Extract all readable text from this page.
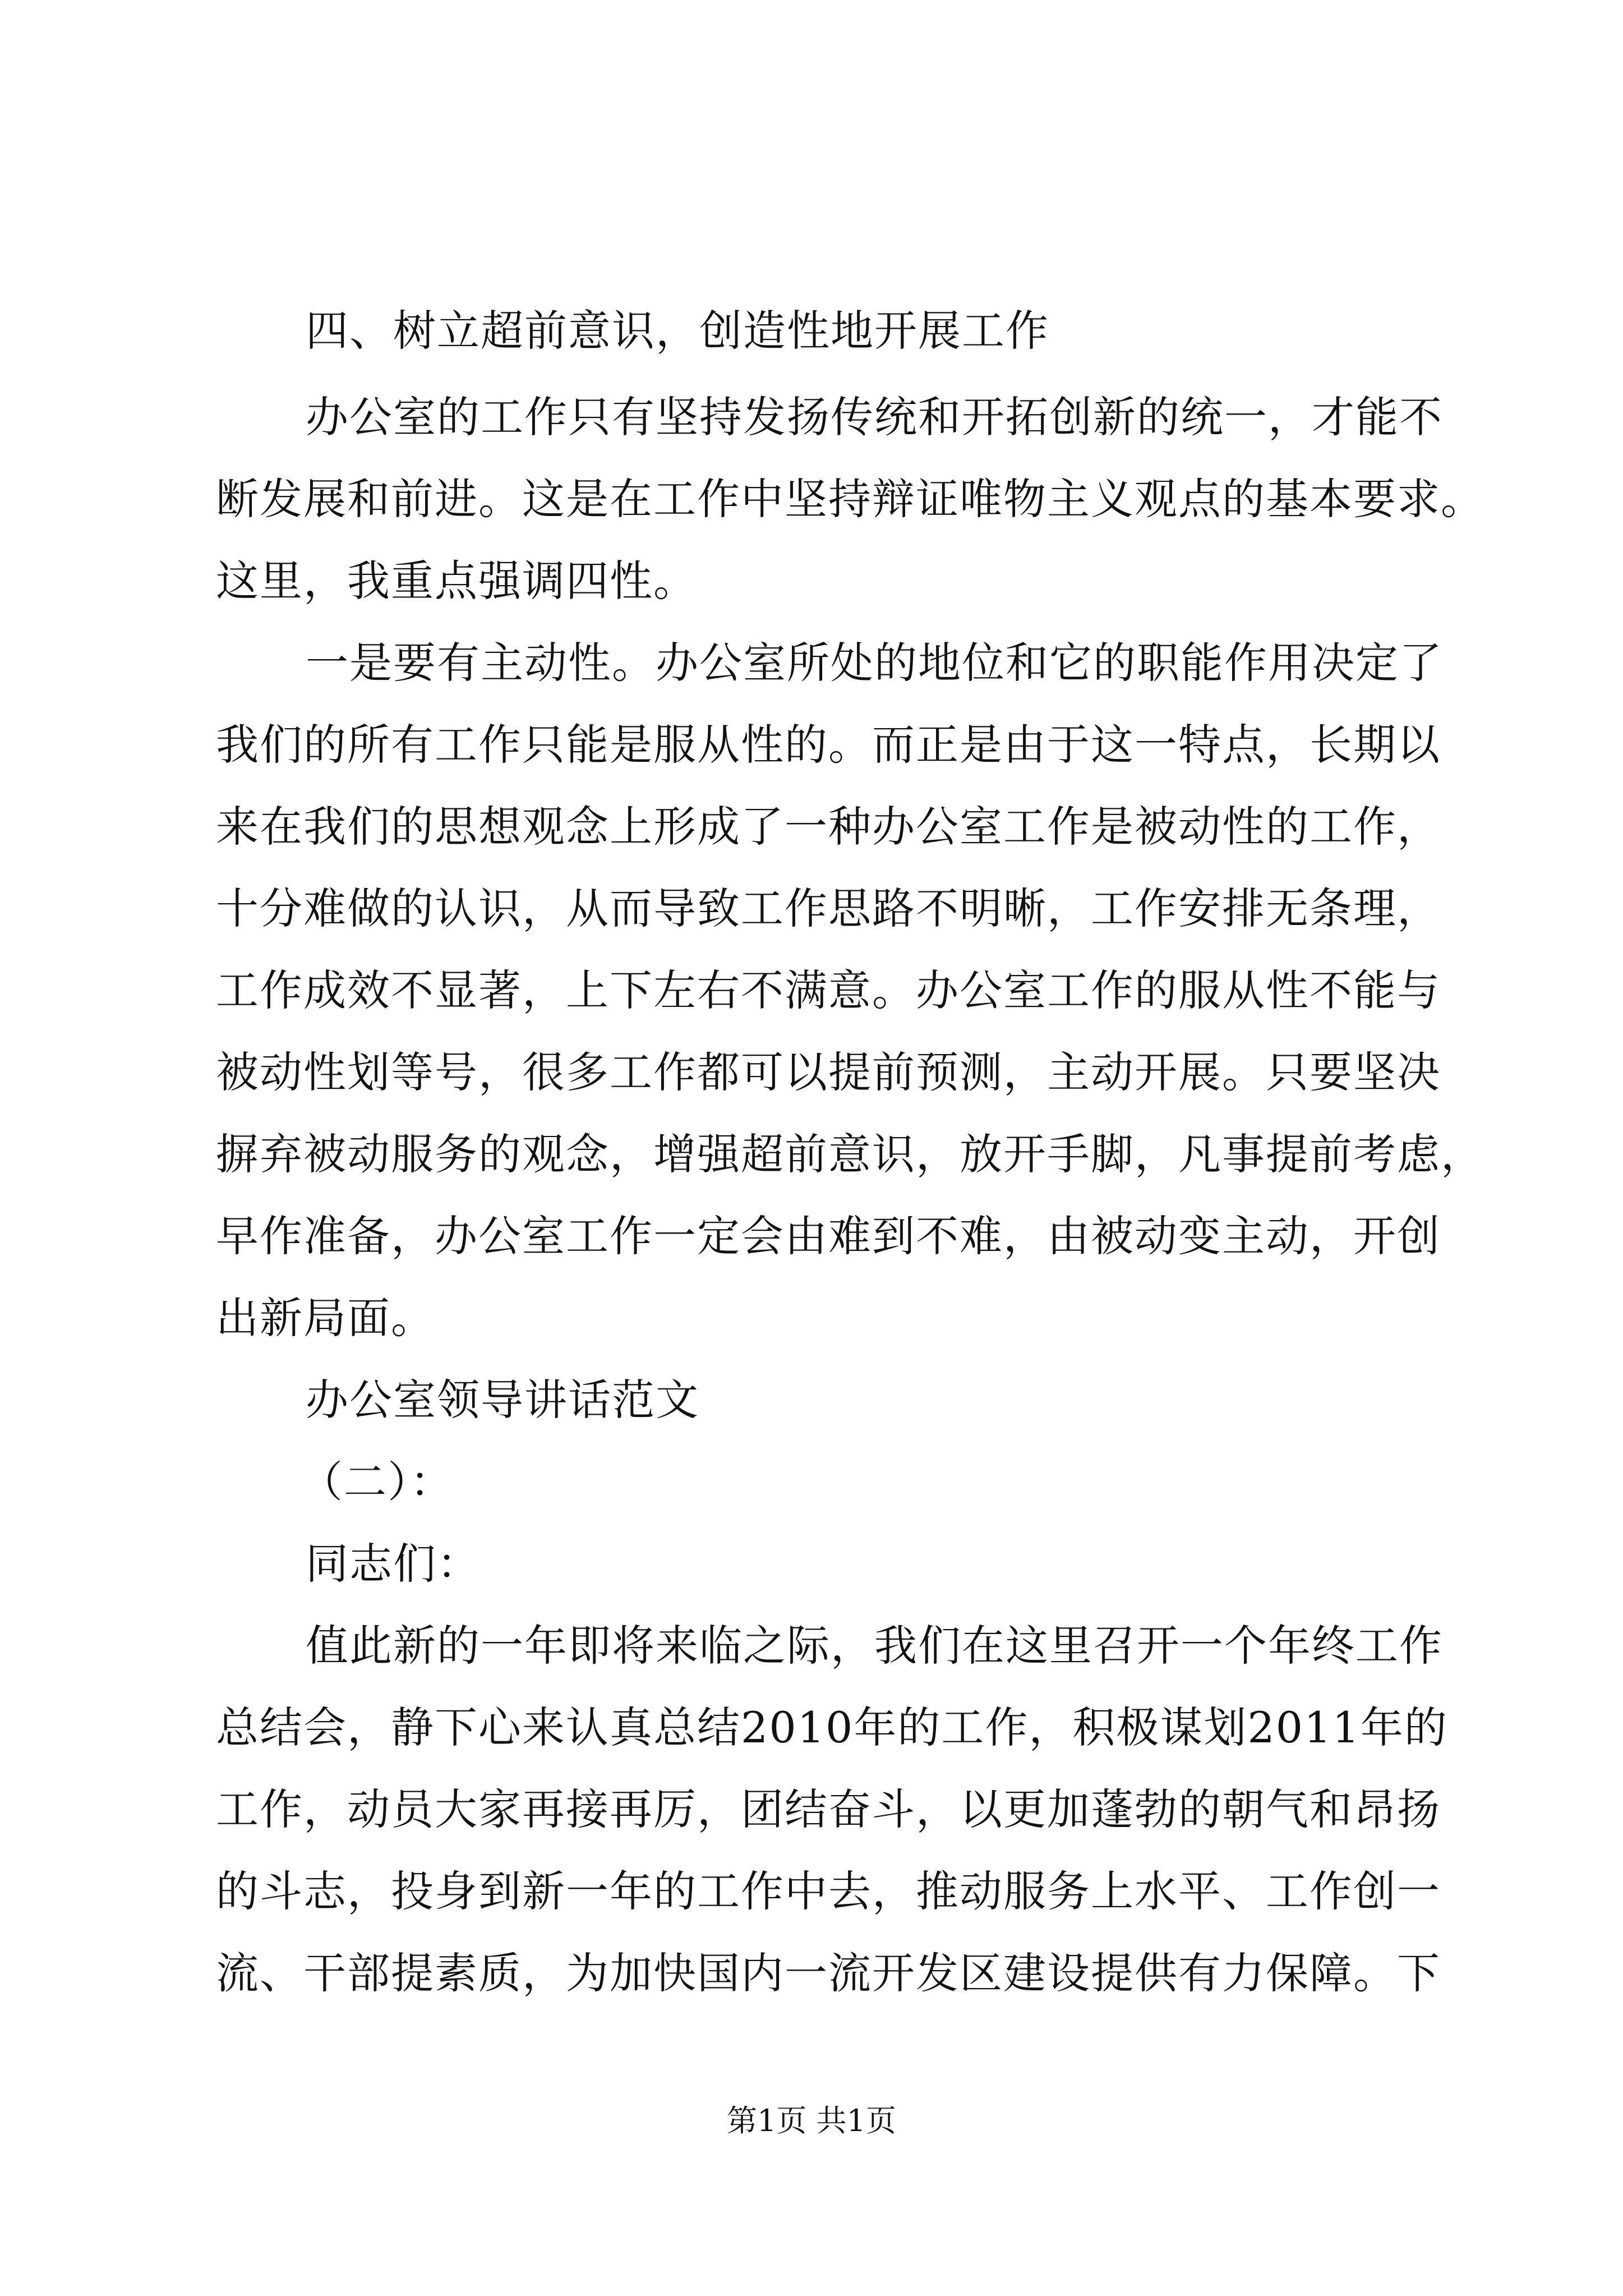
四、树立超前意识，创造性地开展工作
办公室的工作只有坚持发扬传统和开拓创新的统一，才能不
断发展和前进。这是在工作中坚持辩证唯物主义观点的基本要求。
这里，我重点强调四性。
一是要有主动性。办公室所处的地位和它的职能作用决定了
我们的所有工作只能是服从性的。而正是由于这一特点，长期以
来在我们的思想观念上形成了一种办公室工作是被动性的工作，
十分难做的认识，从而导致工作思路不明晰，工作安排无条理，
工作成效不显著，上下左右不满意。办公室工作的服从性不能与
被动性划等号，很多工作都可以提前预测，主动开展。只要坚决
摒弃被动服务的观念，增强超前意识，放开手脚，凡事提前考虑，
早作准备，办公室工作一定会由难到不难，由被动变主动，开创
出新局面。
办公室领导讲话范文
（二）：
同志们：
值此新的一年即将来临之际，我们在这里召开一个年终工作
总结会，静下心来认真总结2010年的工作，积极谋划2011年的
工作，动员大家再接再厉，团结奋斗，以更加蓬勃的朝气和昂扬
的斗志，投身到新一年的工作中去，推动服务上水平、工作创一
流、干部提素质，为加快国内一流开发区建设提供有力保障。下
第1页 共1页
